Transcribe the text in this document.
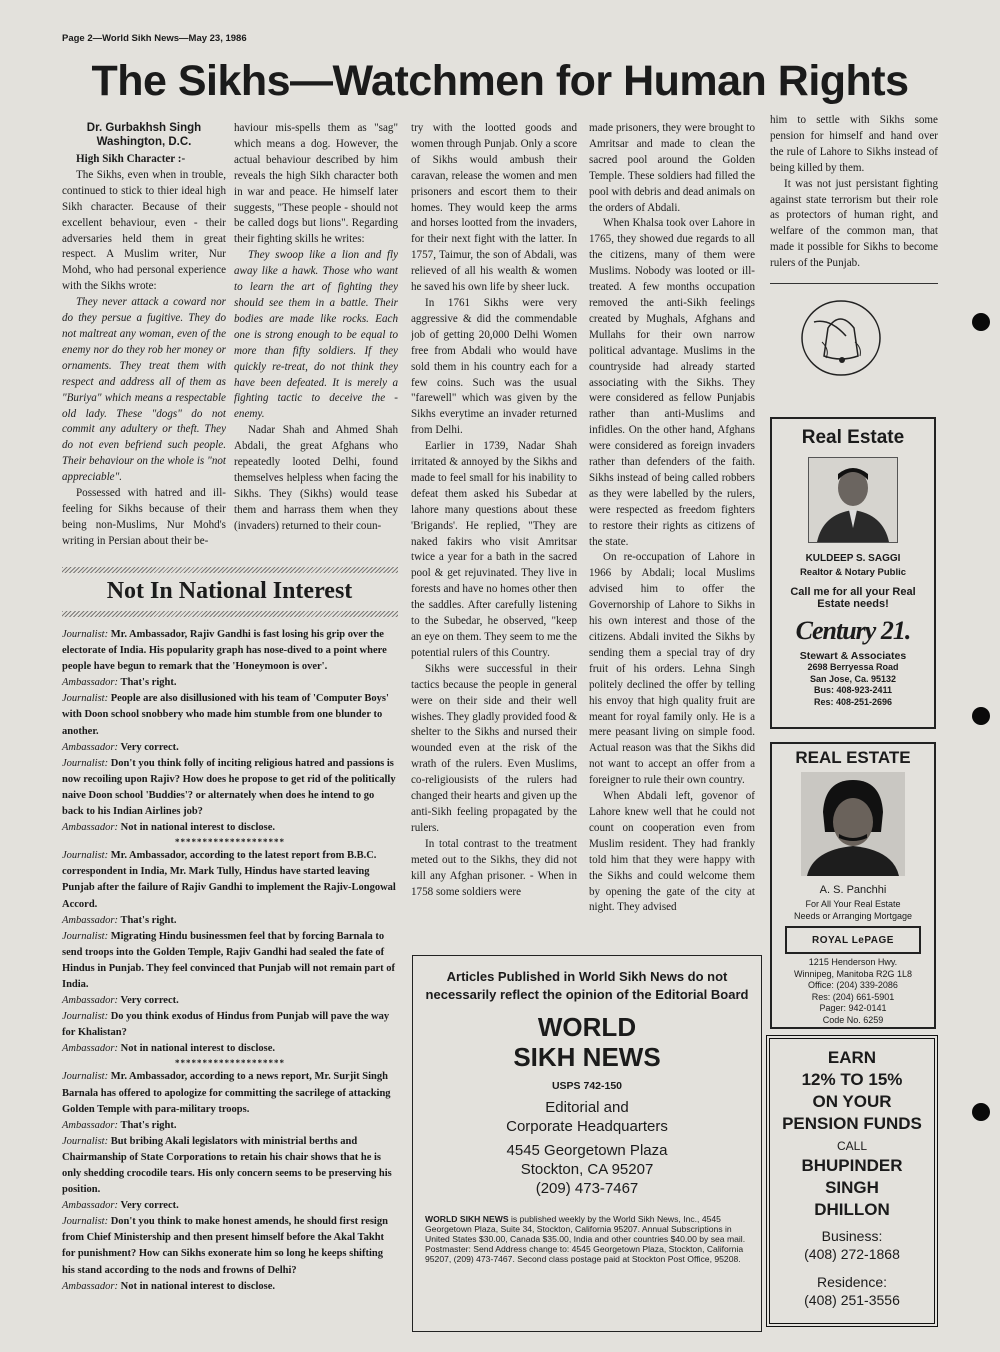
Page 2—World Sikh News—May 23, 1986
The Sikhs—Watchmen for Human Rights
Dr. Gurbakhsh Singh
Washington, D.C.

High Sikh Character :-

The Sikhs, even when in trouble, continued to stick to thier ideal high Sikh character. Because of their excellent behaviour, even - their adversaries held them in great respect. A Muslim writer, Nur Mohd, who had personal experience with the Sikhs wrote:

They never attack a coward nor do they persue a fugitive. They do not maltreat any woman, even of the enemy nor do they rob her money or ornaments. They treat them with respect and address all of them as "Buriya" which means a respectable old lady. These "dogs" do not commit any adultery or theft. They do not even befriend such people. Their behaviour on the whole is "not appreciable".

Possessed with hatred and ill-feeling for Sikhs because of their being non-Muslims, Nur Mohd's writing in Persian about their be-

haviour mis-spells them as "sag" which means a dog. However, the actual behaviour described by him reveals the high Sikh character both in war and peace. He himself later suggests, "These people - should not be called dogs but lions". Regarding their fighting skills he writes:

They swoop like a lion and fly away like a hawk. Those who want to learn the art of fighting they should see them in a battle. Their bodies are made like rocks. Each one is strong enough to be equal to more than fifty soldiers. If they quickly re-treat, do not think they have been defeated. It is merely a fighting tactic to deceive the - enemy.

Nadar Shah and Ahmed Shah Abdali, the great Afghans who repeatedly looted Delhi, found themselves helpless when facing the Sikhs. They (Sikhs) would tease them and harrass them when they (invaders) returned to their coun-

try with the lootted goods and women through Punjab. Only a score of Sikhs would ambush their caravan, release the women and men prisoners and escort them to their homes. They would keep the arms and horses lootted from the invaders, for their next fight with the latter. In 1757, Taimur, the son of Abdali, was relieved of all his wealth & women he saved his own life by sheer luck.

In 1761 Sikhs were very aggressive & did the commendable job of getting 20,000 Delhi Women free from Abdali who would have sold them in his country each for a few coins. Such was the usual "farewell" which was given by the Sikhs everytime an invader returned from Delhi.

Earlier in 1739, Nadar Shah irritated & annoyed by the Sikhs and made to feel small for his inability to defeat them asked his Subedar at lahore many questions about these 'Brigands'. He replied, "They are naked fakirs who visit Amritsar twice a year for a bath in the sacred pool & get rejuvinated. They live in forests and have no homes other then the saddles. After carefully listening to the Subedar, he observed, "keep an eye on them. They seem to me the potential rulers of this Country.

Sikhs were successful in their tactics because the people in general were on their side and their well wishes. They gladly provided food & shelter to the Sikhs and nursed their wounded even at the risk of the wrath of the rulers. Even Muslims, co-religiousists of the rulers had changed their hearts and given up the anti-Sikh feeling propagated by the rulers.

In total contrast to the treatment meted out to the Sikhs, they did not kill any Afghan prisoner. - When in 1758 some soldiers were

made prisoners, they were brought to Amritsar and made to clean the sacred pool around the Golden Temple. These soldiers had filled the pool with debris and dead animals on the orders of Abdali.

When Khalsa took over Lahore in 1765, they showed due regards to all the citizens, many of them were Muslims. Nobody was looted or ill-treated. A few months occupation removed the anti-Sikh feelings created by Mughals, Afghans and Mullahs for their own narrow political advantage. Muslims in the countryside had already started associating with the Sikhs. They were considered as fellow Punjabis rather than anti-Muslims and infidles. On the other hand, Afghans were considered as foreign invaders rather than defenders of the faith. Sikhs instead of being called robbers as they were labelled by the rulers, were respected as freedom fighters to restore their rights as citizens of the state.

On re-occupation of Lahore in 1966 by Abdali; local Muslims advised him to offer the Governorship of Lahore to Sikhs in his own interest and those of the citizens. Abdali invited the Sikhs by sending them a special tray of dry fruit of his orders. Lehna Singh politely declined the offer by telling his envoy that high quality fruit are meant for royal family only. He is a mere peasant living on simple food. Actual reason was that the Sikhs did not want to accept an offer from a foreigner to rule their own country.

When Abdali left, govenor of Lahore knew well that he could not count on cooperation even from Muslim resident. They had frankly told him that they were happy with the Sikhs and could welcome them by opening the gate of the city at night. They advised

him to settle with Sikhs some pension for himself and hand over the rule of Lahore to Sikhs instead of being killed by them.

It was not just persistant fighting against state terrorism but their role as protectors of human right, and welfare of the common man, that made it possible for Sikhs to become rulers of the Punjab.

Not In National Interest

Journalist: Mr. Ambassador, Rajiv Gandhi is fast losing his grip over the electorate of India. His popularity graph has nose-dived to a point where people have begun to remark that the 'Honeymoon is over'.

Ambassador: That's right.

Journalist: People are also disillusioned with his team of 'Computer Boys' with Doon school snobbery who made him stumble from one blunder to another.

Ambassador: Very correct.

Journalist: Don't you think folly of inciting religious hatred and passions is now recoiling upon Rajiv? How does he propose to get rid of the politically naive Doon school 'Buddies'? or alternately when does he intend to go back to his Indian Airlines job?

Ambassador: Not in national interest to disclose.

********************

Journalist: Mr. Ambassador, according to the latest report from B.B.C. correspondent in India, Mr. Mark Tully, Hindus have started leaving Punjab after the failure of Rajiv Gandhi to implement the Rajiv-Longowal Accord.

Ambassador: That's right.

Journalist: Migrating Hindu businessmen feel that by forcing Barnala to send troops into the Golden Temple, Rajiv Gandhi had sealed the fate of Hindus in Punjab. They feel convinced that Punjab will not remain part of India.

Ambassador: Very correct.

Journalist: Do you think exodus of Hindus from Punjab will pave the way for Khalistan?

Ambassador: Not in national interest to disclose.

********************

Journalist: Mr. Ambassador, according to a news report, Mr. Surjit Singh Barnala has offered to apologize for committing the sacrilege of attacking Golden Temple with para-military troops.

Ambassador: That's right.

Journalist: But bribing Akali legislators with ministrial berths and Chairmanship of State Corporations to retain his chair shows that he is only shedding crocodile tears. His only concern seems to be preserving his position.

Ambassador: Very correct.

Journalist: Don't you think to make honest amends, he should first resign from Chief Ministership and then present himself before the Akal Takht for punishment? How can Sikhs exonerate him so long he keeps shifting his stand according to the nods and frowns of Delhi?

Ambassador: Not in national interest to disclose.

Articles Published in World Sikh News do not necessarily reflect the opinion of the Editorial Board
WORLD
SIKH NEWS
USPS 742-150
Editorial and
Corporate Headquarters
4545 Georgetown Plaza
Stockton, CA 95207
(209) 473-7467
WORLD SIKH NEWS is published weekly by the World Sikh News, Inc., 4545 Georgetown Plaza, Suite 34, Stockton, California 95207. Annual Subscriptions in United States $30.00, Canada $35.00, India and other countries $40.00 by sea mail. Postmaster: Send Address change to: 4545 Georgetown Plaza, Stockton, California 95207, (209) 473-7467. Second class postage paid at Stockton Post Office, 95208.
Real Estate
KULDEEP S. SAGGI
Realtor & Notary Public
Call me for all your Real Estate needs!
Century 21.
Stewart & Associates
2698 Berryessa Road
San Jose, Ca. 95132
Bus: 408-923-2411
Res: 408-251-2696
REAL ESTATE
A. S. Panchhi
For All Your Real Estate
Needs or Arranging Mortgage
ROYAL LePAGE
1215 Henderson Hwy.
Winnipeg, Manitoba R2G 1L8
Office: (204) 339-2086
Res: (204) 661-5901
Pager: 942-0141
Code No. 6259
EARN
12% TO 15%
ON YOUR
PENSION FUNDS
CALL
BHUPINDER
SINGH
DHILLON
Business:
(408) 272-1868
Residence:
(408) 251-3556
